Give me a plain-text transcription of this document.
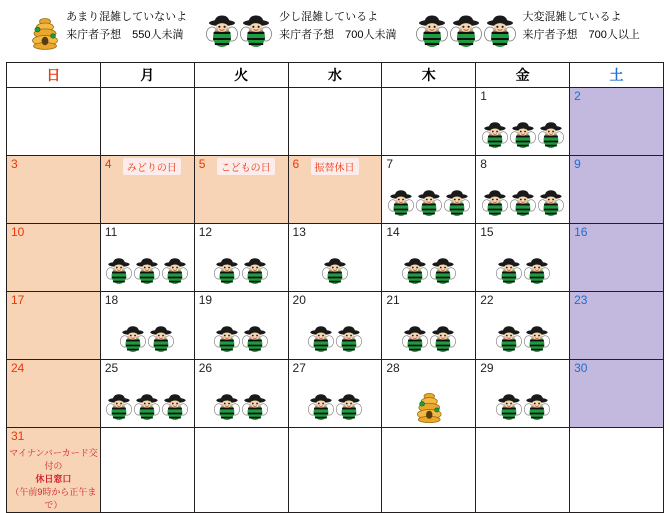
あまり混雑していないよ
来庁者予想　550人未満
少し混雑しているよ
来庁者予想　700人未満
大変混雑しているよ
来庁者予想　700人以上
日	月	火	水	木	金	土

					1	2

3	4	みどりの日	5	こどもの日	6	振替休日	7	8	9

10	11	12	13	14	15	16

17	18	19	20	21	22	23

24	25	26	27	28	29	30

31
マイナンバーカード交付の
休日窓口
（午前9時から正午まで）						
